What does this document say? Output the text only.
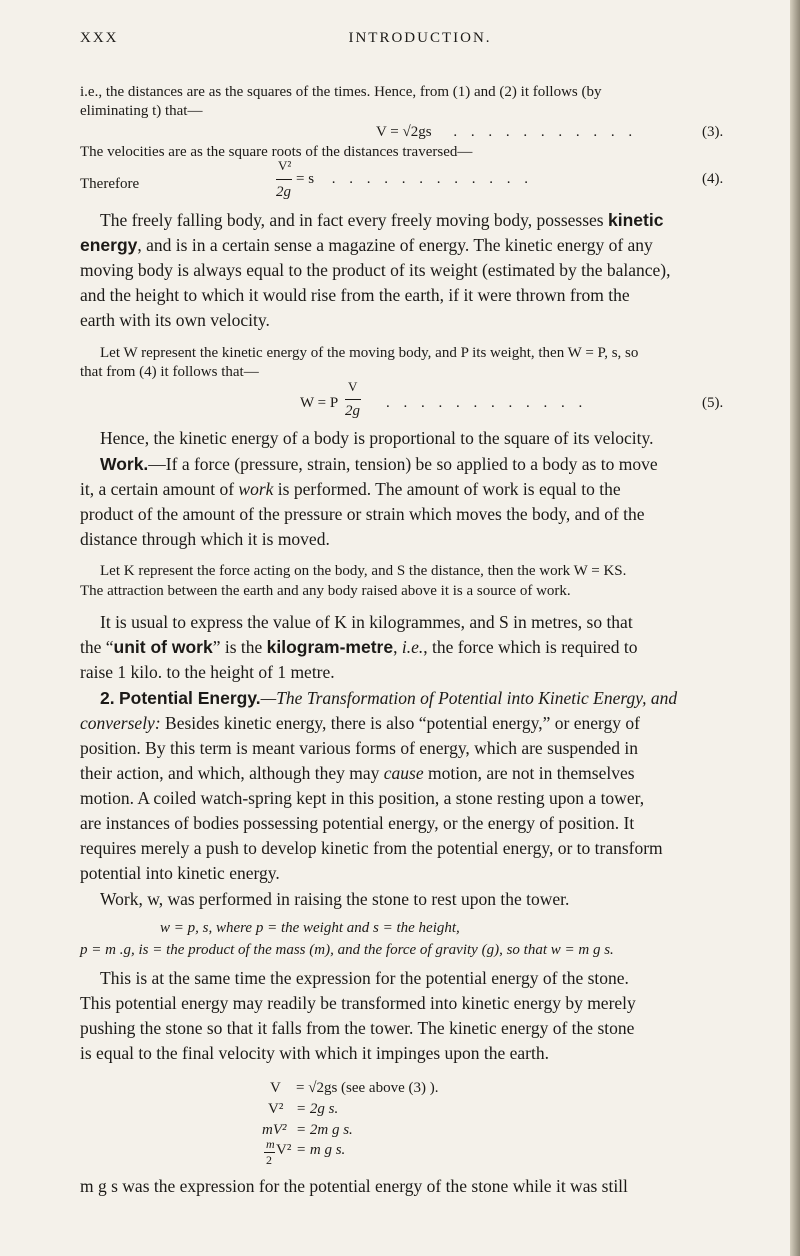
XXX	INTRODUCTION.
i.e., the distances are as the squares of the times. Hence, from (1) and (2) it follows (by
eliminating t) that—
V = √2gs . . . . . . . . . . .	(3).
The velocities are as the square roots of the distances traversed—
Therefore
V²
2g
= s . . . . . . . . . . . .	(4).
The freely falling body, and in fact every freely moving body, possesses kinetic
energy, and is in a certain sense a magazine of energy. The kinetic energy of any
moving body is always equal to the product of its weight (estimated by the balance),
and the height to which it would rise from the earth, if it were thrown from the
earth with its own velocity.
Let W represent the kinetic energy of the moving body, and P its weight, then W = P, s, so
that from (4) it follows that—
W = P
V
2g . . . . . . . . . . . .	(5).
Hence, the kinetic energy of a body is proportional to the square of its velocity.
Work.—If a force (pressure, strain, tension) be so applied to a body as to move
it, a certain amount of work is performed. The amount of work is equal to the
product of the amount of the pressure or strain which moves the body, and of the
distance through which it is moved.
Let K represent the force acting on the body, and S the distance, then the work W = KS.
The attraction between the earth and any body raised above it is a source of work.
It is usual to express the value of K in kilogrammes, and S in metres, so that
the “unit of work” is the kilogram-metre, i.e., the force which is required to
raise 1 kilo. to the height of 1 metre.
2. Potential Energy.—The Transformation of Potential into Kinetic Energy, and
conversely: Besides kinetic energy, there is also “potential energy,” or energy of
position. By this term is meant various forms of energy, which are suspended in
their action, and which, although they may cause motion, are not in themselves
motion. A coiled watch-spring kept in this position, a stone resting upon a tower,
are instances of bodies possessing potential energy, or the energy of position. It
requires merely a push to develop kinetic from the potential energy, or to transform
potential into kinetic energy.
Work, w, was performed in raising the stone to rest upon the tower.
w = p, s, where p = the weight and s = the height,
p = m .g, is = the product of the mass (m), and the force of gravity (g), so that w = m g s.
This is at the same time the expression for the potential energy of the stone.
This potential energy may readily be transformed into kinetic energy by merely
pushing the stone so that it falls from the tower. The kinetic energy of the stone
is equal to the final velocity with which it impinges upon the earth.
V = √2gs (see above (3) ).
V² = 2g s.
mV² = 2m g s.
m
2
V² = m g s.
m g s was the expression for the potential energy of the stone while it was still
